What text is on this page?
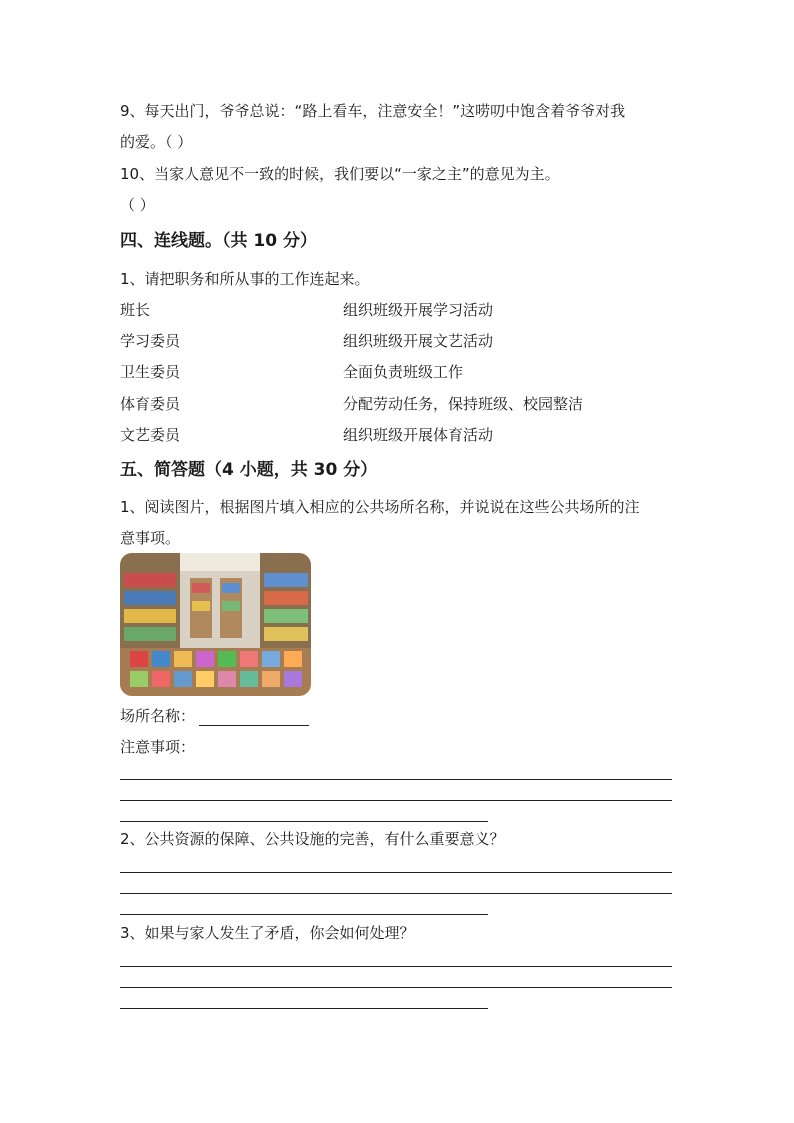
9、每天出门，爷爷总说：“路上看车，注意安全！”这唠叨中饱含着爷爷对我
的爱。（ ）
10、当家人意见不一致的时候，我们要以“一家之主”的意见为主。
（ ）
四、连线题。（共 10 分）
1、请把职务和所从事的工作连起来。
班长	组织班级开展学习活动
学习委员	组织班级开展文艺活动
卫生委员	全面负责班级工作
体育委员	分配劳动任务，保持班级、校园整洁
文艺委员	组织班级开展体育活动
五、简答题（4 小题，共 30 分）
1、阅读图片，根据图片填入相应的公共场所名称，并说说在这些公共场所的注
意事项。
场所名称：
注意事项：
2、公共资源的保障、公共设施的完善，有什么重要意义？
3、如果与家人发生了矛盾，你会如何处理？
